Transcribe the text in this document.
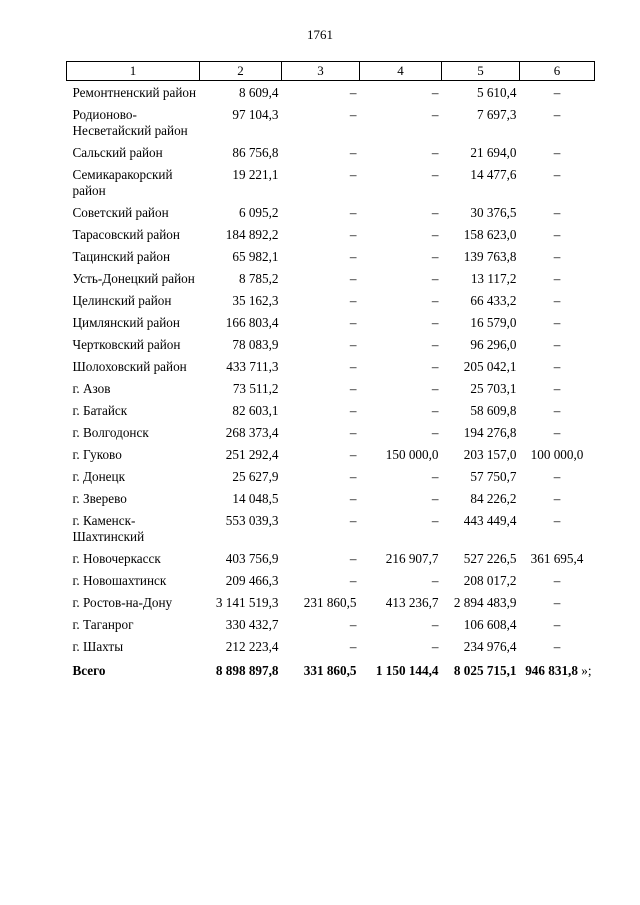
1761
1	2	3	4	5	6
Ремонтненский район	8 609,4	–	–	5 610,4	–
Родионово-Несветайский район	97 104,3	–	–	7 697,3	–
Сальский район	86 756,8	–	–	21 694,0	–
Семикаракорский район	19 221,1	–	–	14 477,6	–
Советский район	6 095,2	–	–	30 376,5	–
Тарасовский район	184 892,2	–	–	158 623,0	–
Тацинский район	65 982,1	–	–	139 763,8	–
Усть-Донецкий район	8 785,2	–	–	13 117,2	–
Целинский район	35 162,3	–	–	66 433,2	–
Цимлянский район	166 803,4	–	–	16 579,0	–
Чертковский район	78 083,9	–	–	96 296,0	–
Шолоховский район	433 711,3	–	–	205 042,1	–
г. Азов	73 511,2	–	–	25 703,1	–
г. Батайск	82 603,1	–	–	58 609,8	–
г. Волгодонск	268 373,4	–	–	194 276,8	–
г. Гуково	251 292,4	–	150 000,0	203 157,0	100 000,0
г. Донецк	25 627,9	–	–	57 750,7	–
г. Зверево	14 048,5	–	–	84 226,2	–
г. Каменск-Шахтинский	553 039,3	–	–	443 449,4	–
г. Новочеркасск	403 756,9	–	216 907,7	527 226,5	361 695,4
г. Новошахтинск	209 466,3	–	–	208 017,2	–
г. Ростов-на-Дону	3 141 519,3	231 860,5	413 236,7	2 894 483,9	–
г. Таганрог	330 432,7	–	–	106 608,4	–
г. Шахты	212 223,4	–	–	234 976,4	–
Всего	8 898 897,8	331 860,5	1 150 144,4	8 025 715,1	946 831,8 »;
